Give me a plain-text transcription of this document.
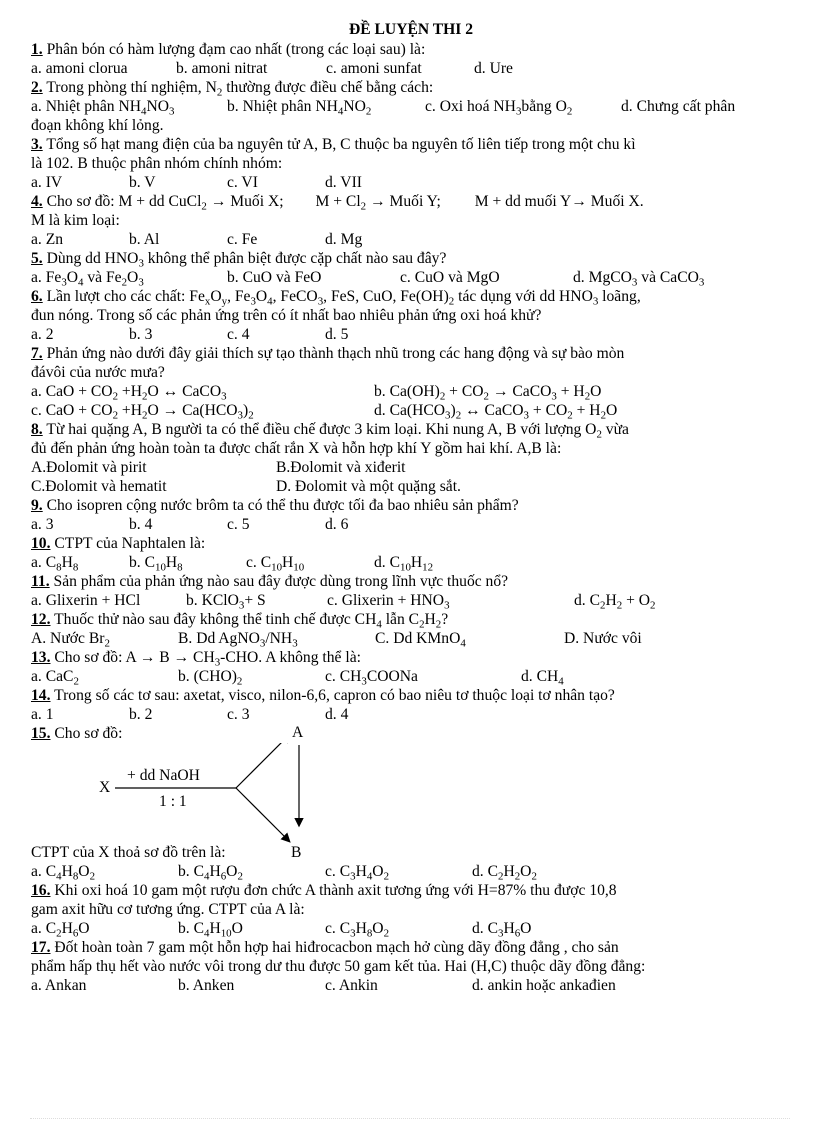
ĐỀ LUYỆN THI 2
1. Phân bón có hàm lượng đạm cao nhất (trong các loại sau) là:
a. amoni clorua	b. amoni nitrat	c. amoni sunfat	d. Ure
2. Trong phòng thí nghiệm, $N_2$ thường được điều chế bằng cách:
a. Nhiệt phân $NH_4NO_3$	b. Nhiệt phân $NH_4NO_2$	c. Oxi hoá $NH_3bằng$ $O_2$	d. Chưng cất phân
đoạn không khí lỏng.
3. Tổng số hạt mang điện của ba nguyên tử A, B, C thuộc ba nguyên tố liên tiếp trong một chu kì
là 102. B thuộc phân nhóm chính nhóm:
a. IV	b. V	c. VI	d. VII
4. Cho sơ đồ: M + dd CuCl$_2$ → Muối X; $M + Cl_2$ → Muối Y; M + dd muối Y→ Muối X.
M là kim loại:
a. Zn	b. Al	c. Fe	d. Mg
5. Dùng dd $HNO_3$ không thể phân biệt được cặp chất nào sau đây?
a. $Fe_3O_4$ và $Fe_2O_3$	b. CuO và FeO	c. CuO và MgO	d. MgCO$_3$ và CaCO$_3$
6. Lần lượt cho các chất: $Fe_xO_y$, $Fe_3O_4$, FeCO$_3$, FeS, CuO, $Fe(OH)_2$ tác dụng với dd $HNO_3$ loãng,
đun nóng. Trong số các phản ứng trên có ít nhất bao nhiêu phản ứng oxi hoá khử?
a. 2	b. 3	c. 4	d. 5
7. Phản ứng nào dưới đây giải thích sự tạo thành thạch nhũ trong các hang động và sự bào mòn
đávôi của nước mưa?
a. CaO + $CO_2 +H_2O$ ↔ CaCO$_3$	b. $Ca(OH)_2 + CO_2$ → CaCO$_3$ + $H_2O$
c. CaO + $CO_2 +H_2O \to Ca(HCO_3)_2$	d. $Ca(HCO_3)_2$ ↔ CaCO$_3$ + $CO_2 + H_2O$
8. Từ hai quặng A, B người ta có thể điều chế được 3 kim loại. Khi nung A, B với lượng $O_2$ vừa
đủ đến phản ứng hoàn toàn ta được chất rắn X và hỗn hợp khí Y gồm hai khí. A,B là:
A.Đolomit và pirit	B.Đolomit và xiđerit
C.Đolomit và hematit	D. Đolomit và một quặng sắt.
9. Cho isopren cộng nước brôm ta có thể thu được tối đa bao nhiêu sản phẩm?
a. 3	b. 4	c. 5	d. 6
10. CTPT của Naphtalen là:
a. $C_8H_8$	b. $C_{10}H_8$	c. $C_{10}H_{10}$	d. $C_{10}H_{12}$
11. Sản phẩm của phản ứng nào sau đây được dùng trong lĩnh vực thuốc nổ?
a. Glixerin + HCl	b. KClO$_3$+ S	c. Glixerin + $HNO_3$	d. $C_2H_2 + O_2$
12. Thuốc thử nào sau đây không thể tinh chế được $CH_4$ lẫn $C_2H_2$?
A. Nước $Br_2$	B. Dd $AgNO_3/NH_3$	C. Dd KMnO$_4$	D. Nước vôi
13. Cho sơ đồ: $A \to B \to CH_3$-CHO. A không thể là:
a. CaC$_2$	b. $(CHO)_2$	c. $CH_3COONa$	d. $CH_4$
14. Trong số các tơ sau: axetat, visco, nilon-6,6, capron có bao niêu tơ thuộc loại tơ nhân tạo?
a. 1	b. 2	c. 3	d. 4
15. Cho sơ đồ:
X
+ dd NaOH
1 : 1
A
CTPT của X thoả sơ đồ trên là:	B
a. $C_4H_8O_2$	b. $C_4H_6O_2$	c. $C_3H_4O_2$	d. $C_2H_2O_2$
16. Khi oxi hoá 10 gam một rượu đơn chức A thành axit tương ứng với H=87% thu được 10,8
gam axit hữu cơ tương ứng. CTPT của A là:
a. $C_2H_6O$	b. $C_4H_{10}O$	c. $C_3H_8O_2$	d. $C_3H_6O$
17. Đốt hoàn toàn 7 gam một hỗn hợp hai hiđrocacbon mạch hở cùng dãy đồng đẳng , cho sản
phẩm hấp thụ hết vào nước vôi trong dư thu được 50 gam kết tủa. Hai (H,C) thuộc dãy đồng đẳng:
a. Ankan	b. Anken	c. Ankin	d. ankin hoặc ankađien
